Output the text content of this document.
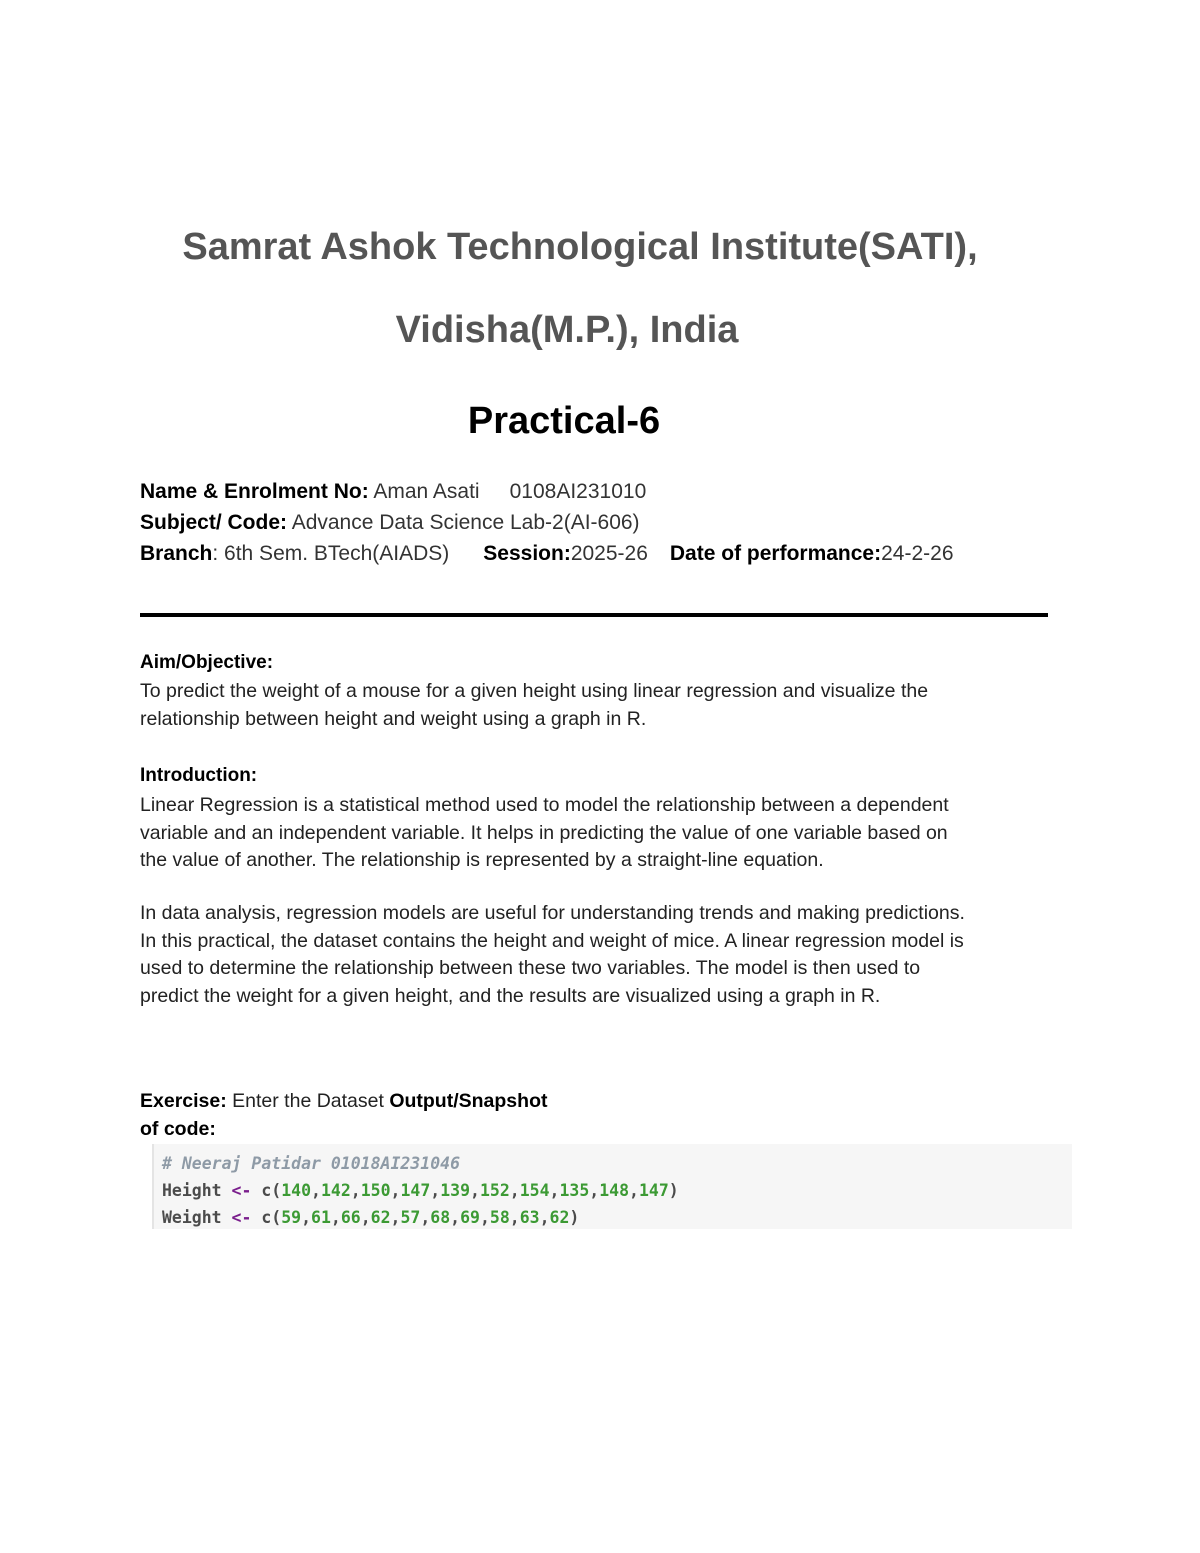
Samrat Ashok Technological Institute(SATI),
Vidisha(M.P.), India
Practical-6
Name & Enrolment No: Aman Asati 0108AI231010
Subject/ Code: Advance Data Science Lab-2(AI-606)
Branch: 6th Sem. BTech(AIADS) Session:2025-26 Date of performance:24-2-26
Aim/Objective:
To predict the weight of a mouse for a given height using linear regression and visualize the
relationship between height and weight using a graph in R.
Introduction:
Linear Regression is a statistical method used to model the relationship between a dependent
variable and an independent variable. It helps in predicting the value of one variable based on
the value of another. The relationship is represented by a straight-line equation.
In data analysis, regression models are useful for understanding trends and making predictions.
In this practical, the dataset contains the height and weight of mice. A linear regression model is
used to determine the relationship between these two variables. The model is then used to
predict the weight for a given height, and the results are visualized using a graph in R.
Exercise: Enter the Dataset Output/Snapshot
of code:
# Neeraj Patidar 01018AI231046
Height <- c(140,142,150,147,139,152,154,135,148,147)
Weight <- c(59,61,66,62,57,68,69,58,63,62)
